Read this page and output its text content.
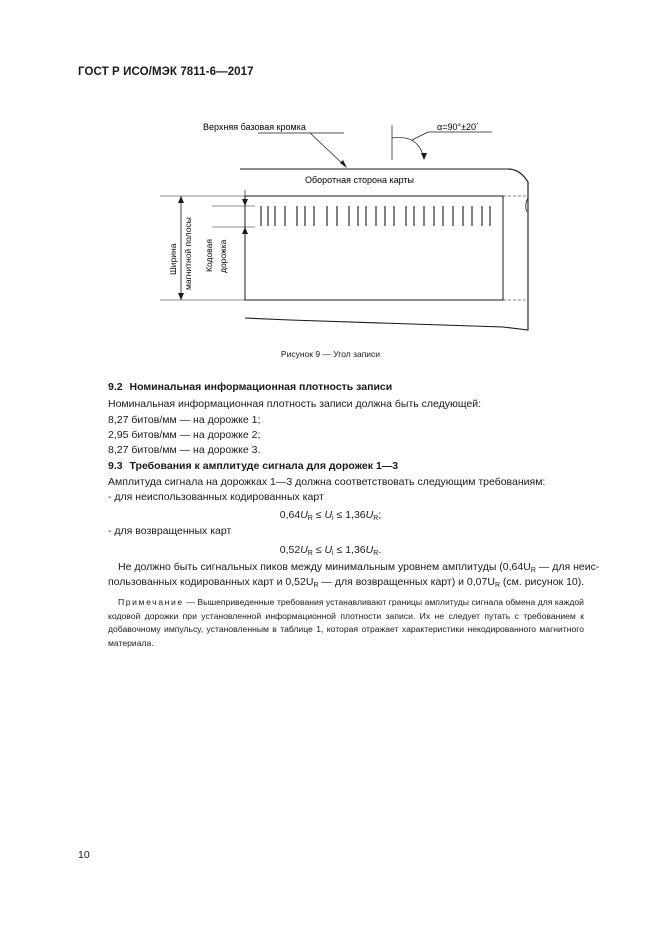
ГОСТ Р ИСО/МЭК 7811-6—2017
Верхняя базовая кромка	α=90°±20´
Оборотная сторона карты
Ширина магнитной полосы Кодовая дорожка
Рисунок 9 — Угол записи
9.2 Номинальная информационная плотность записи
Номинальная информационная плотность записи должна быть следующей:
8,27 битов/мм — на дорожке 1;
2,95 битов/мм — на дорожке 2;
8,27 битов/мм — на дорожке 3.
9.3 Требования к амплитуде сигнала для дорожек 1—3
Амплитуда сигнала на дорожках 1—3 должна соответствовать следующим требованиям:
- для неиспользованных кодированных карт
$0,64U_R \le U_i \le 1,36U_R$;
- для возвращенных карт
$0,52U_R \le U_i \le 1,36U_R$.
Не должно быть сигнальных пиков между минимальным уровнем амплитуды ($0,64U_R$ — для неис-
пользованных кодированных карт и $0,52U_R$ — для возвращенных карт) и $0,07U_R$ (см. рисунок 10).
Примечание — Вышеприведенные требования устанавливают границы амплитуды сигнала обмена для каждой кодовой дорожки при установленной информационной плотности записи. Их не следует путать с требованием к добавочному импульсу, установленным в таблице 1, которая отражает характеристики некодированного магнитного материала.
10
